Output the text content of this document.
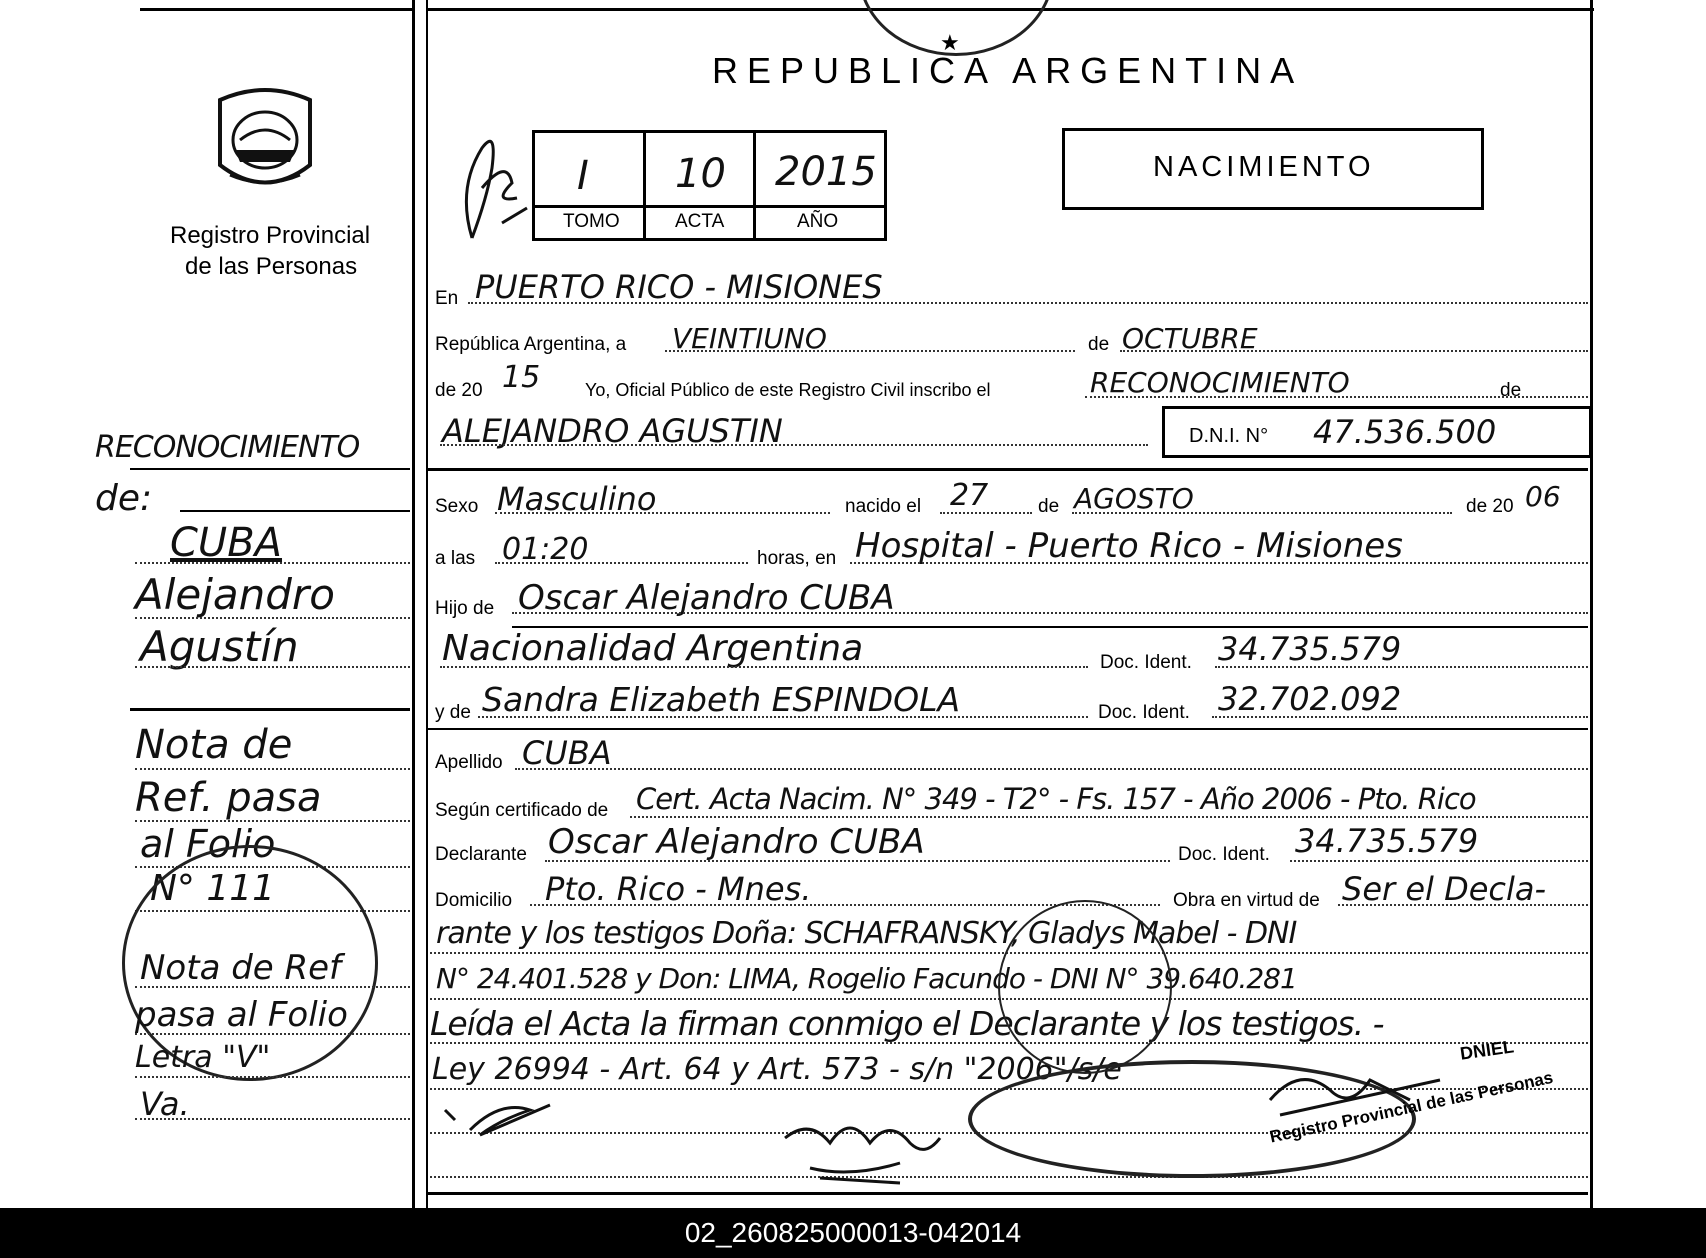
★
Registro Provincial
de las Personas
RECONOCIMIENTO
de:
CUBA
Alejandro
Agustín
Nota de
Ref. pasa
al Folio
N° 111
Nota de Ref
pasa al Folio
Letra "V"
Va.
REPUBLICA ARGENTINA
I 10 2015
TOMO	ACTA	AÑO
NACIMIENTO
En PUERTO RICO - MISIONES
República Argentina, a VEINTIUNO	de OCTUBRE
de 20 15 Yo, Oficial Público de este Registro Civil inscribo el	RECONOCIMIENTO	de
ALEJANDRO AGUSTIN	D.N.I. N° 47.536.500
Sexo Masculino	nacido el 27	de AGOSTO	de 20 06
a las 01:20	horas, en Hospital - Puerto Rico - Misiones
Hijo de Oscar Alejandro CUBA
Nacionalidad Argentina	Doc. Ident. 34.735.579
y de Sandra Elizabeth ESPINDOLA	Doc. Ident. 32.702.092
Apellido CUBA
Según certificado de Cert. Acta Nacim. N° 349 - T2° - Fs. 157 - Año 2006 - Pto. Rico
Declarante Oscar Alejandro CUBA	Doc. Ident. 34.735.579
Domicilio Pto. Rico - Mnes.	Obra en virtud de Ser el Decla-
rante y los testigos Doña: SCHAFRANSKY, Gladys Mabel - DNI
N° 24.401.528 y Don: LIMA, Rogelio Facundo - DNI N° 39.640.281
Leída el Acta la firman conmigo el Declarante y los testigos. -
Ley 26994 - Art. 64 y Art. 573 - s/n "2006"/s/e
DNIEL
Registro Provincial de las Personas
02_260825000013-042014
